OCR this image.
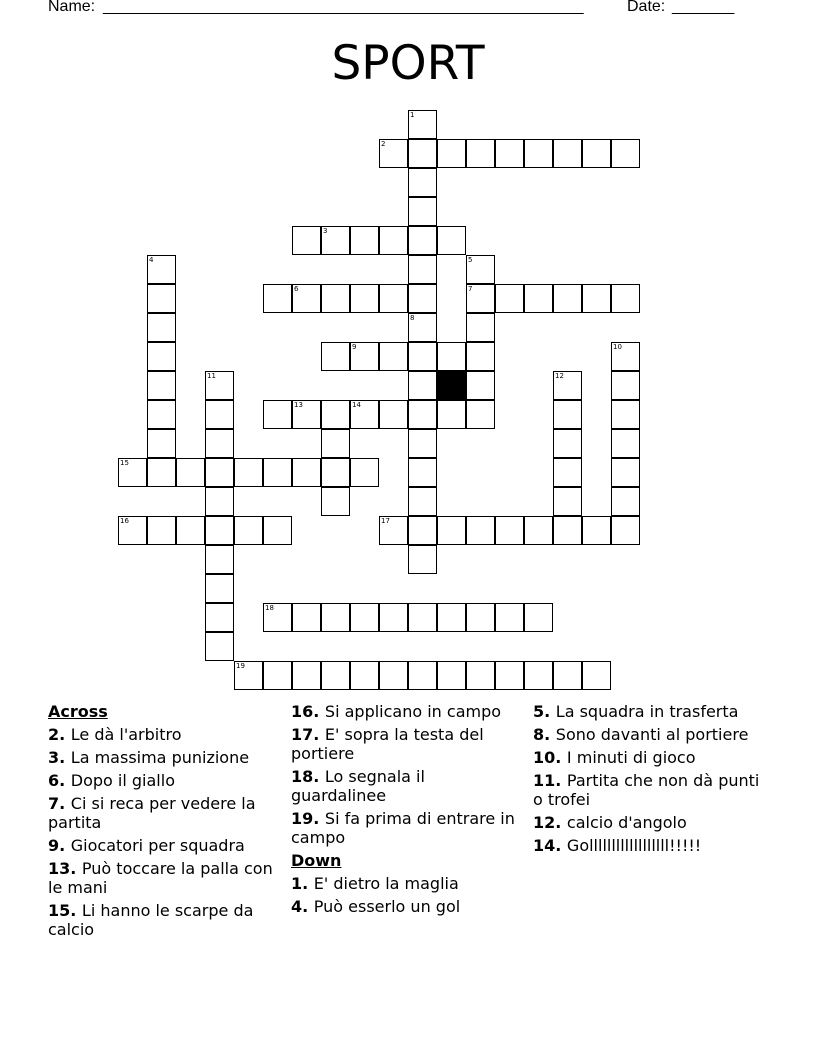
Name: ______________________________________________________	Date: _______
SPORT
2
3
6	7
9
13	14
15
16	17
18
19
1
8
4	5
10
11	12
Across
2. Le dà l'arbitro
3. La massima punizione
6. Dopo il giallo
7. Ci si reca per vedere la partita
9. Giocatori per squadra
13. Può toccare la palla con le mani
15. Li hanno le scarpe da calcio
16. Si applicano in campo
17. E' sopra la testa del portiere
18. Lo segnala il guardalinee
19. Si fa prima di entrare in campo
Down
1. E' dietro la maglia
4. Può esserlo un gol
5. La squadra in trasferta
8. Sono davanti al portiere
10. I minuti di gioco
11. Partita che non dà punti o trofei
12. calcio d'angolo
14. Gollllllllllllllllll!!!!!
